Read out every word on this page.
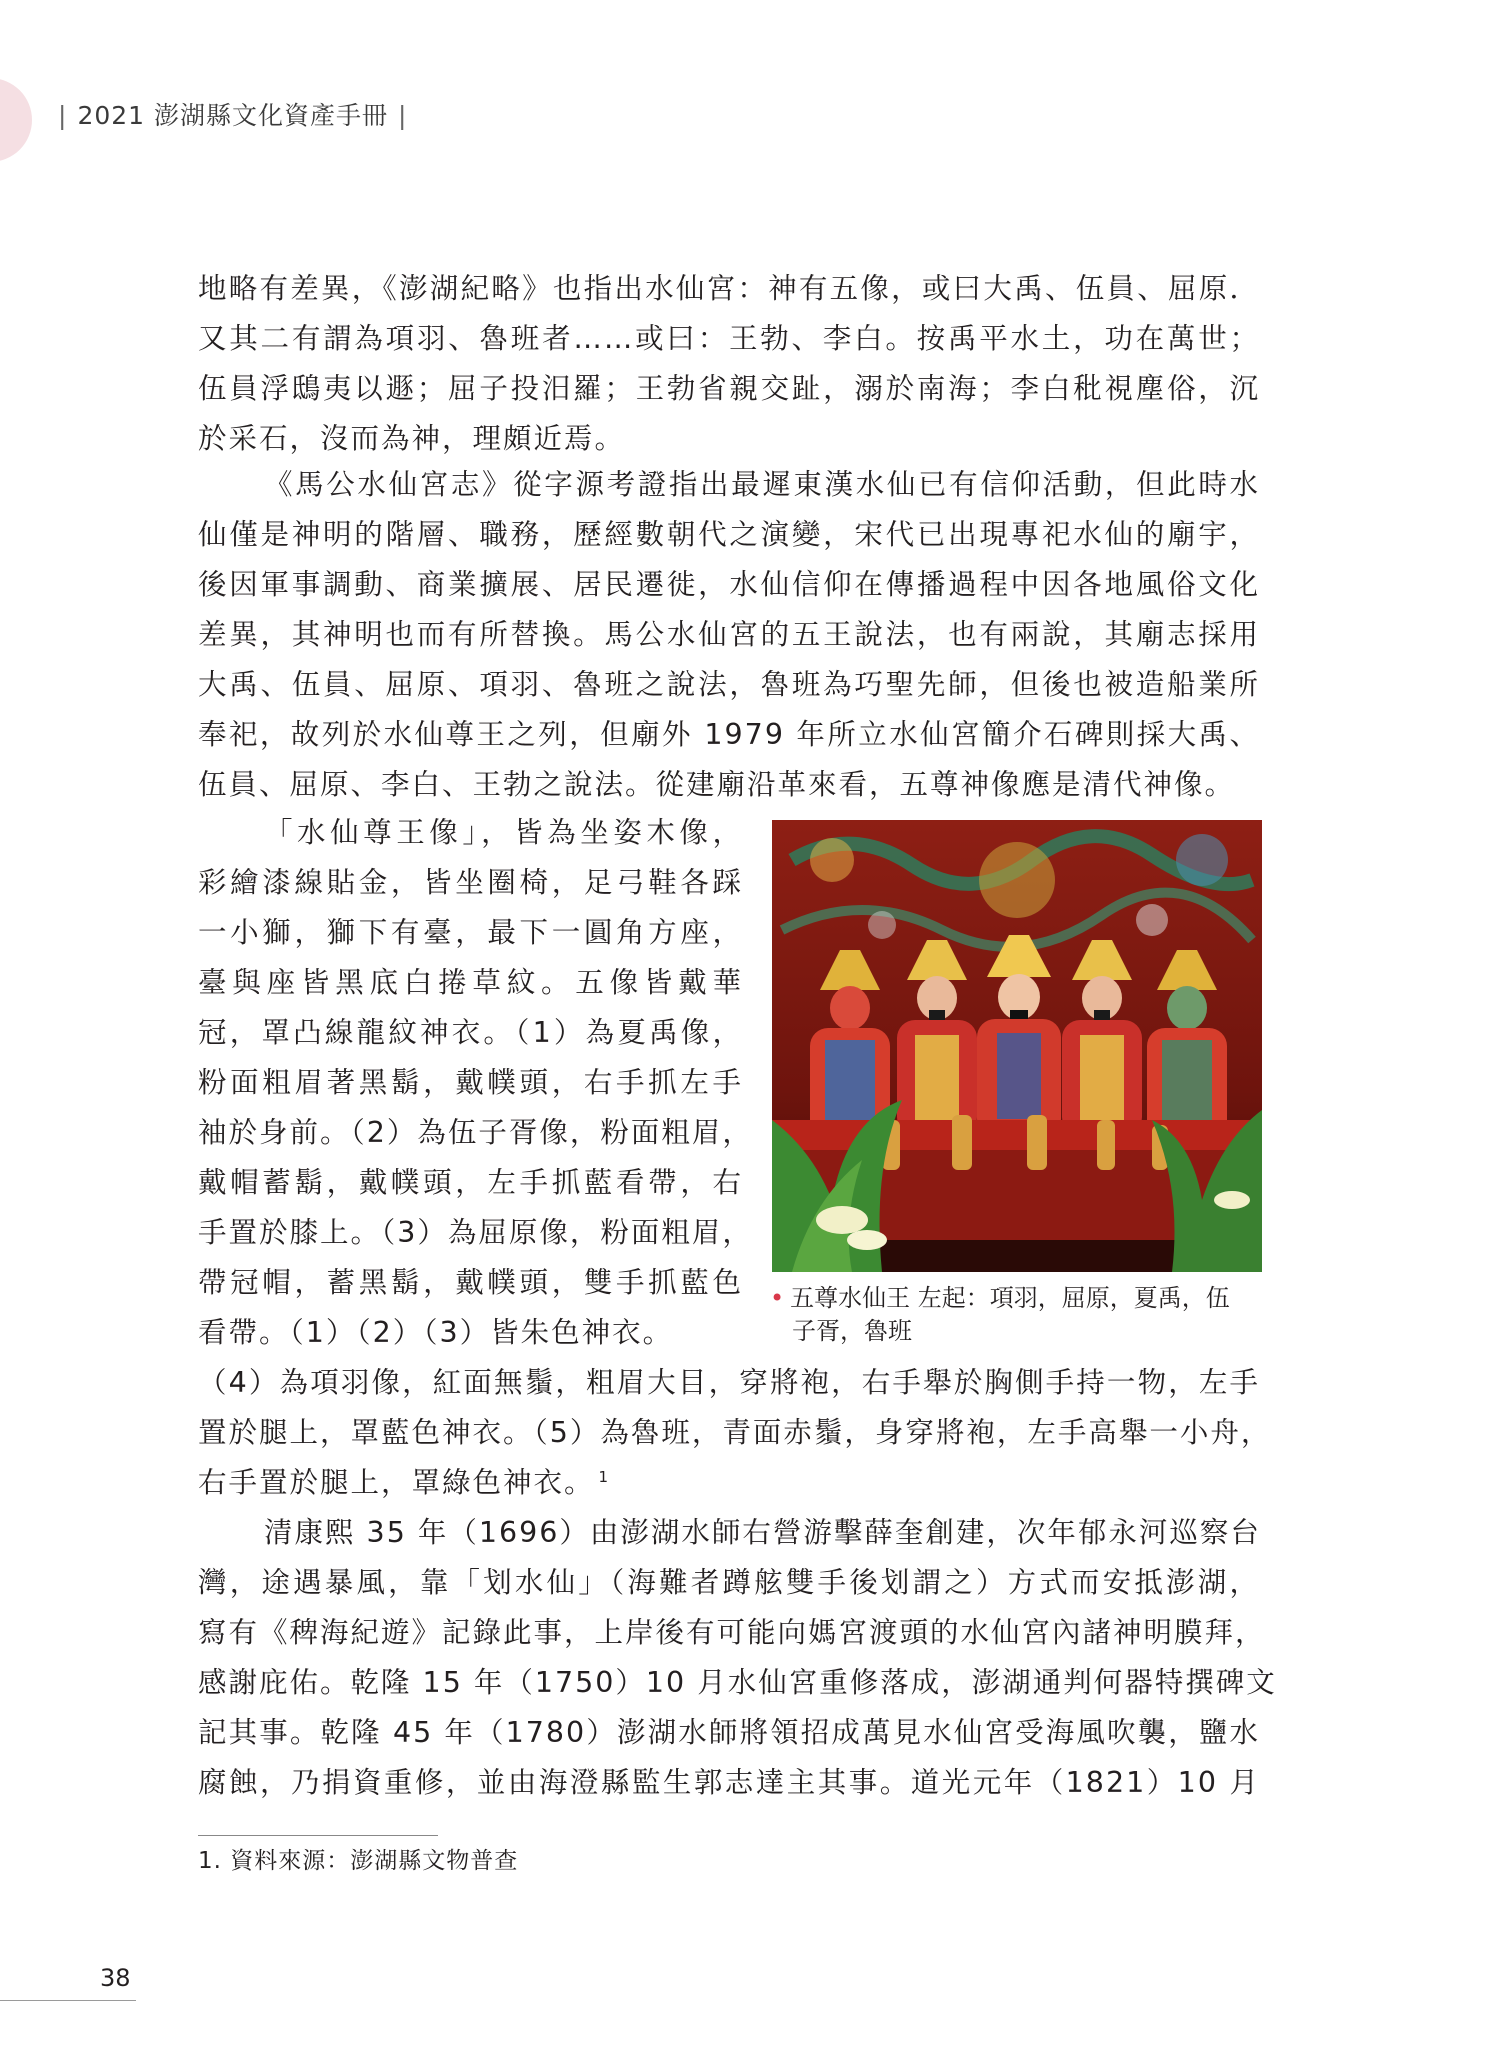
| 2021 澎湖縣文化資產手冊 |

地略有差異，《澎湖紀略》也指出水仙宮：神有五像，或曰大禹、伍員、屈原．
又其二有謂為項羽、魯班者……或曰：王勃、李白。按禹平水土，功在萬世；
伍員浮鴟夷以遯；屈子投汨羅；王勃省親交趾，溺於南海；李白秕視塵俗，沉
於采石，沒而為神，理頗近焉。

《馬公水仙宮志》從字源考證指出最遲東漢水仙已有信仰活動，但此時水
仙僅是神明的階層、職務，歷經數朝代之演變，宋代已出現專祀水仙的廟宇，
後因軍事調動、商業擴展、居民遷徙，水仙信仰在傳播過程中因各地風俗文化
差異，其神明也而有所替換。馬公水仙宮的五王說法，也有兩說，其廟志採用
大禹、伍員、屈原、項羽、魯班之說法，魯班為巧聖先師，但後也被造船業所
奉祀，故列於水仙尊王之列，但廟外 1979 年所立水仙宮簡介石碑則採大禹、
伍員、屈原、李白、王勃之說法。從建廟沿革來看，五尊神像應是清代神像。

「水仙尊王像」，皆為坐姿木像，
彩繪漆線貼金，皆坐圈椅，足弓鞋各踩
一小獅，獅下有臺，最下一圓角方座，
臺與座皆黑底白捲草紋。五像皆戴華
冠，罩凸線龍紋神衣。（1）為夏禹像，
粉面粗眉著黑鬍，戴幞頭，右手抓左手
袖於身前。（2）為伍子胥像，粉面粗眉，
戴帽蓄鬍，戴幞頭，左手抓藍看帶，右
手置於膝上。（3）為屈原像，粉面粗眉，
帶冠帽，蓄黑鬍，戴幞頭，雙手抓藍色
看帶。（1）（2）（3）皆朱色神衣。

（4）為項羽像，紅面無鬚，粗眉大目，穿將袍，右手舉於胸側手持一物，左手
置於腿上，罩藍色神衣。（5）為魯班，青面赤鬚，身穿將袍，左手高舉一小舟，
右手置於腿上，罩綠色神衣。 $^1$

清康熙 35 年（1696）由澎湖水師右營游擊薛奎創建，次年郁永河巡察台
灣，途遇暴風，靠「划水仙」（海難者蹲舷雙手後划謂之）方式而安抵澎湖，
寫有《稗海紀遊》記錄此事，上岸後有可能向媽宮渡頭的水仙宮內諸神明膜拜，
感謝庇佑。乾隆 15 年（1750）10 月水仙宮重修落成，澎湖通判何器特撰碑文
記其事。乾隆 45 年（1780）澎湖水師將領招成萬見水仙宮受海風吹襲，鹽水
腐蝕，乃捐資重修，並由海澄縣監生郭志達主其事。道光元年（1821）10 月

• 五尊水仙王 左起：項羽，屈原，夏禹，伍
子胥，魯班
1. 資料來源：澎湖縣文物普查
38
